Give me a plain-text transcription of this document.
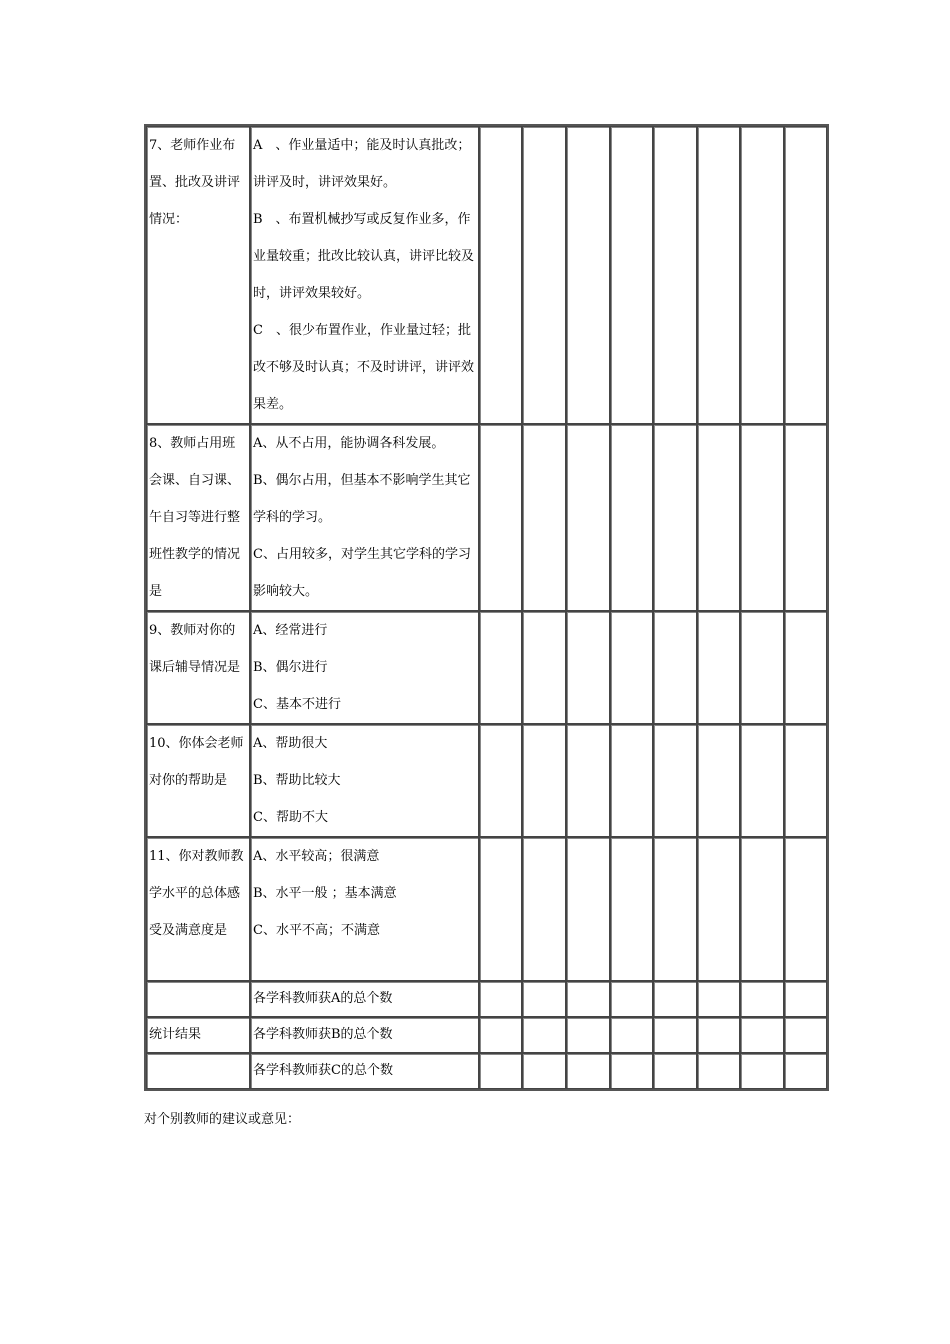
7、老师作业布置、批改及讲评情况：	A　、作业量适中；能及时认真批改；讲评及时，讲评效果好。
B　、布置机械抄写或反复作业多，作业量较重；批改比较认真，讲评比较及时，讲评效果较好。
C　、很少布置作业，作业量过轻；批改不够及时认真；不及时讲评，讲评效果差。								

8、教师占用班会课、自习课、午自习等进行整班性教学的情况是	A、从不占用，能协调各科发展。
B、偶尔占用，但基本不影响学生其它学科的学习。
C、占用较多，对学生其它学科的学习影响较大。								

9、教师对你的课后辅导情况是	A、经常进行
B、偶尔进行
C、基本不进行								

10、你体会老师对你的帮助是	A、帮助很大
B、帮助比较大
C、帮助不大								

11、你对教师教学水平的总体感受及满意度是	A、水平较高；很满意
B、水平一般 ；基本满意
C、水平不高；不满意								

	各学科教师获A的总个数								
统计结果	各学科教师获B的总个数								
	各学科教师获C的总个数								
对个别教师的建议或意见：
